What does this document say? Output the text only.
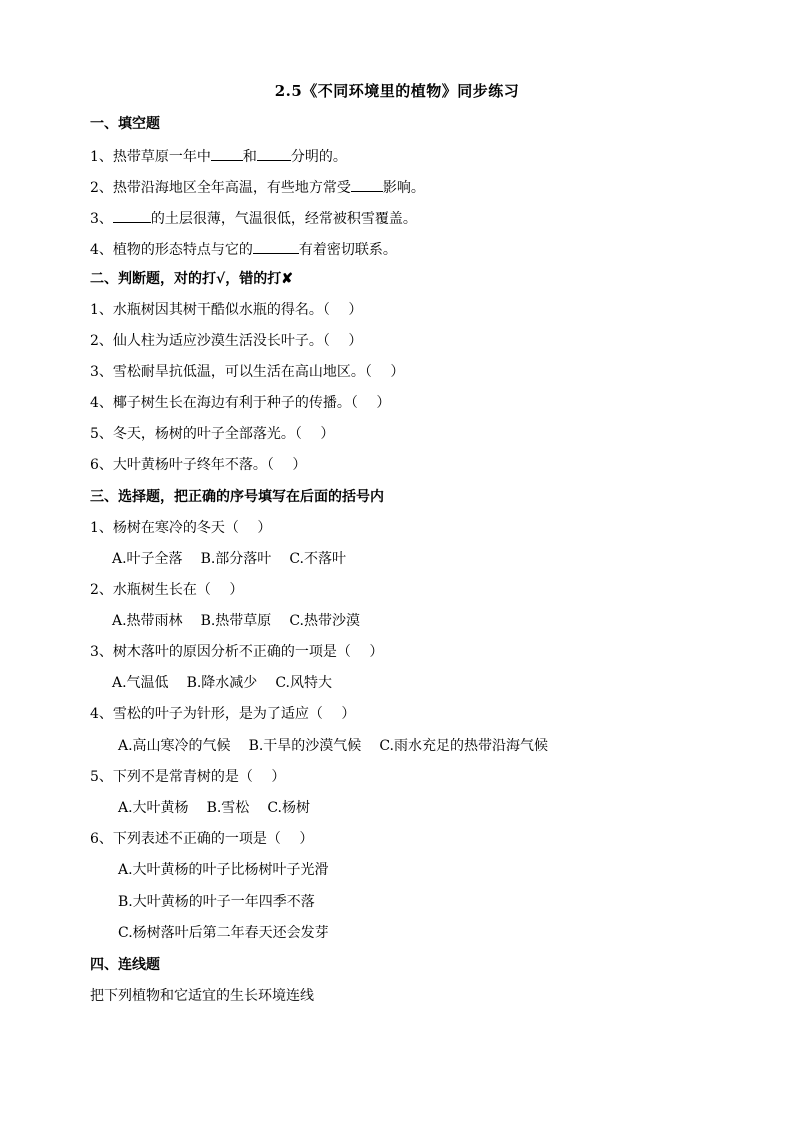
2.5《不同环境里的植物》同步练习
一、填空题
1、热带草原一年中 和 分明的。
2、热带沿海地区全年高温，有些地方常受 影响。
3、	的土层很薄，气温很低，经常被积雪覆盖。
4、植物的形态特点与它的	有着密切联系。
二、判断题，对的打√，错的打✘
1、水瓶树因其树干酷似水瓶的得名。（　 ）
2、仙人柱为适应沙漠生活没长叶子。（　 ）
3、雪松耐旱抗低温，可以生活在高山地区。（　 ）
4、椰子树生长在海边有利于种子的传播。（　 ）
5、冬天，杨树的叶子全部落光。（　 ）
6、大叶黄杨叶子终年不落。（　 ）
三、选择题，把正确的序号填写在后面的括号内
1、杨树在寒冷的冬天（　 ）
A.叶子全落 B.部分落叶 C.不落叶
2、水瓶树生长在（　 ）
A.热带雨林 B.热带草原 C.热带沙漠
3、树木落叶的原因分析不正确的一项是（　 ）
A.气温低 B.降水减少 C.风特大
4、雪松的叶子为针形，是为了适应（　 ）
A.高山寒冷的气候 B.干旱的沙漠气候 C.雨水充足的热带沿海气候
5、下列不是常青树的是（　 ）
A.大叶黄杨 B.雪松 C.杨树
6、下列表述不正确的一项是（　 ）
A.大叶黄杨的叶子比杨树叶子光滑
B.大叶黄杨的叶子一年四季不落
C.杨树落叶后第二年春天还会发芽
四、连线题
把下列植物和它适宜的生长环境连线
